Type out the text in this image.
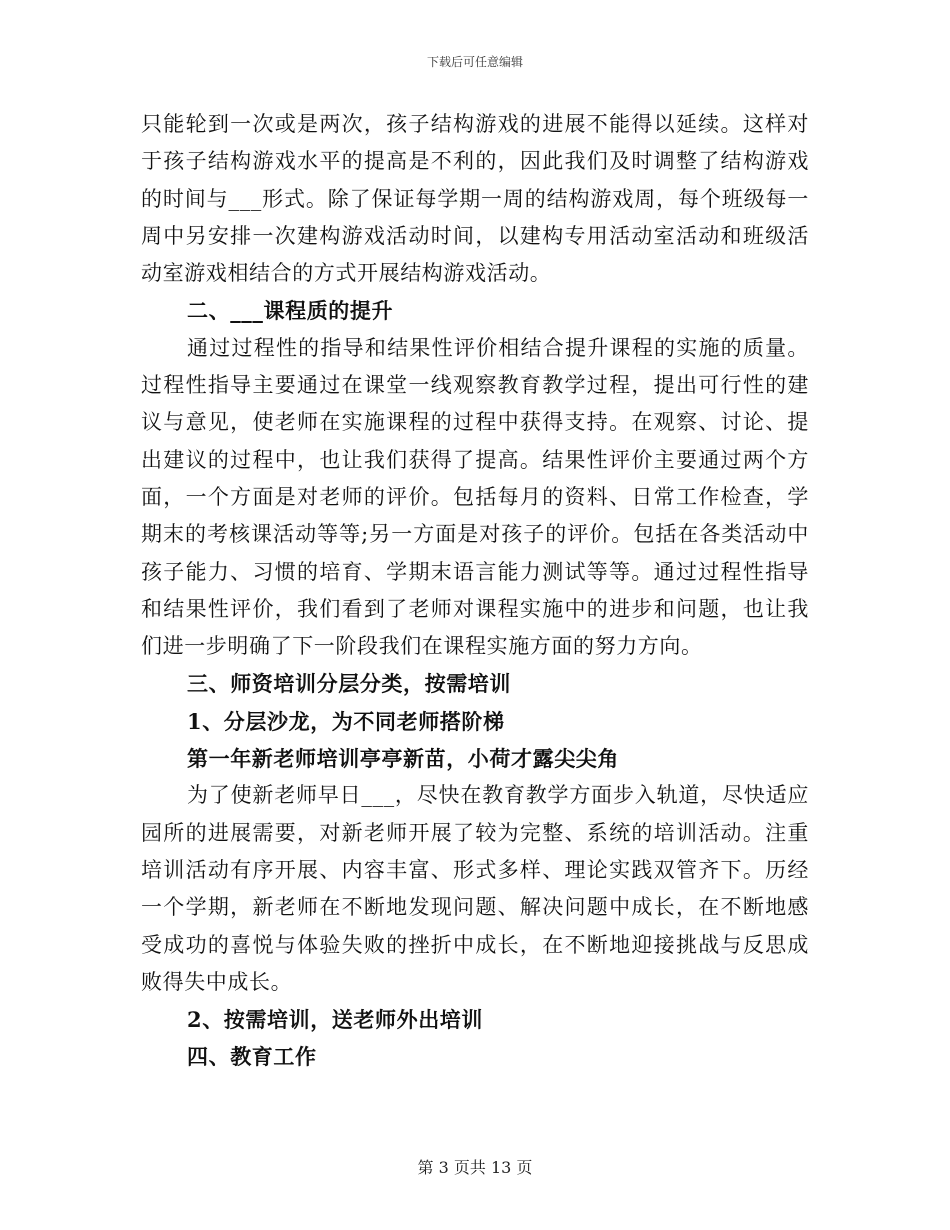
下载后可任意编辑

只能轮到一次或是两次，孩子结构游戏的进展不能得以延续。这样对于孩子结构游戏水平的提高是不利的，因此我们及时调整了结构游戏的时间与___形式。除了保证每学期一周的结构游戏周，每个班级每一周中另安排一次建构游戏活动时间，以建构专用活动室活动和班级活动室游戏相结合的方式开展结构游戏活动。

二、___课程质的提升

通过过程性的指导和结果性评价相结合提升课程的实施的质量。过程性指导主要通过在课堂一线观察教育教学过程，提出可行性的建议与意见，使老师在实施课程的过程中获得支持。在观察、讨论、提出建议的过程中，也让我们获得了提高。结果性评价主要通过两个方面，一个方面是对老师的评价。包括每月的资料、日常工作检查，学期末的考核课活动等等;另一方面是对孩子的评价。包括在各类活动中孩子能力、习惯的培育、学期末语言能力测试等等。通过过程性指导和结果性评价，我们看到了老师对课程实施中的进步和问题，也让我们进一步明确了下一阶段我们在课程实施方面的努力方向。

三、师资培训分层分类，按需培训

1、分层沙龙，为不同老师搭阶梯

第一年新老师培训亭亭新苗，小荷才露尖尖角

为了使新老师早日___，尽快在教育教学方面步入轨道，尽快适应园所的进展需要，对新老师开展了较为完整、系统的培训活动。注重培训活动有序开展、内容丰富、形式多样、理论实践双管齐下。历经一个学期，新老师在不断地发现问题、解决问题中成长，在不断地感受成功的喜悦与体验失败的挫折中成长，在不断地迎接挑战与反思成败得失中成长。

2、按需培训，送老师外出培训

四、教育工作

第 3 页共 13 页
